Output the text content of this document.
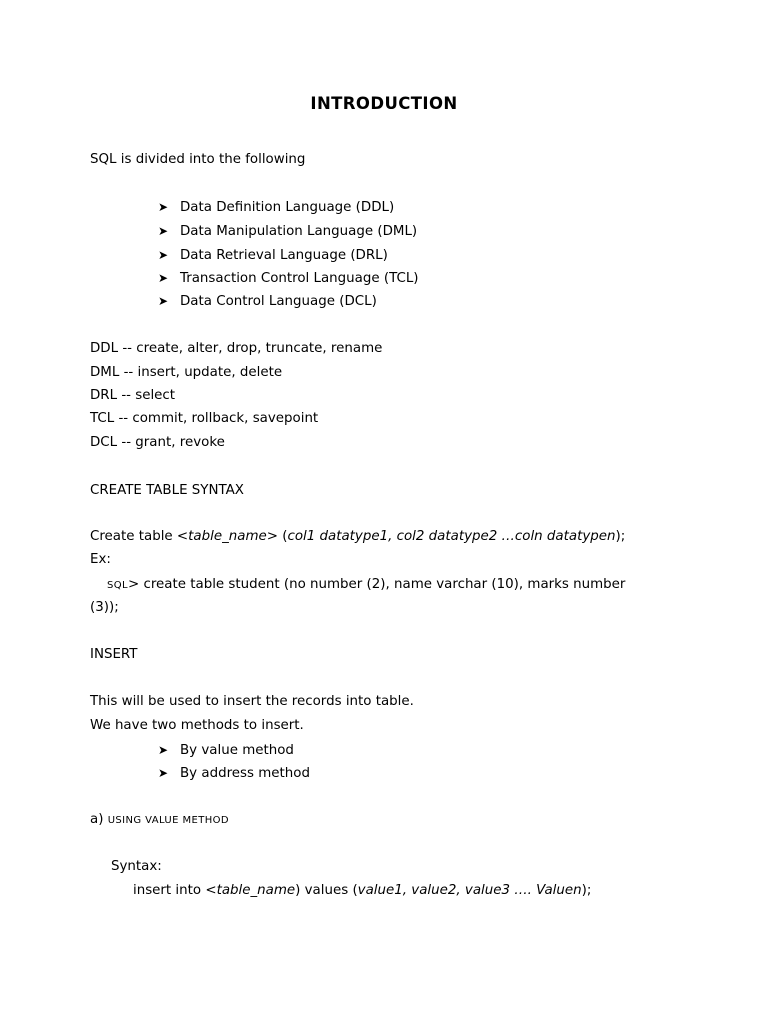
INTRODUCTION
SQL is divided into the following
➤ Data Definition Language (DDL)
➤ Data Manipulation Language (DML)
➤ Data Retrieval Language (DRL)
➤ Transaction Control Language (TCL)
➤ Data Control Language (DCL)
DDL -- create, alter, drop, truncate, rename
DML -- insert, update, delete
DRL -- select
TCL -- commit, rollback, savepoint
DCL -- grant, revoke
CREATE TABLE SYNTAX
Create table <table_name> (col1 datatype1, col2 datatype2 …coln datatypen);
Ex:
SQL> create table student (no number (2), name varchar (10), marks number
(3));
INSERT
This will be used to insert the records into table.
We have two methods to insert.
➤ By value method
➤ By address method
a) USING VALUE METHOD
Syntax:
insert into <table_name) values (value1, value2, value3 …. Valuen);
